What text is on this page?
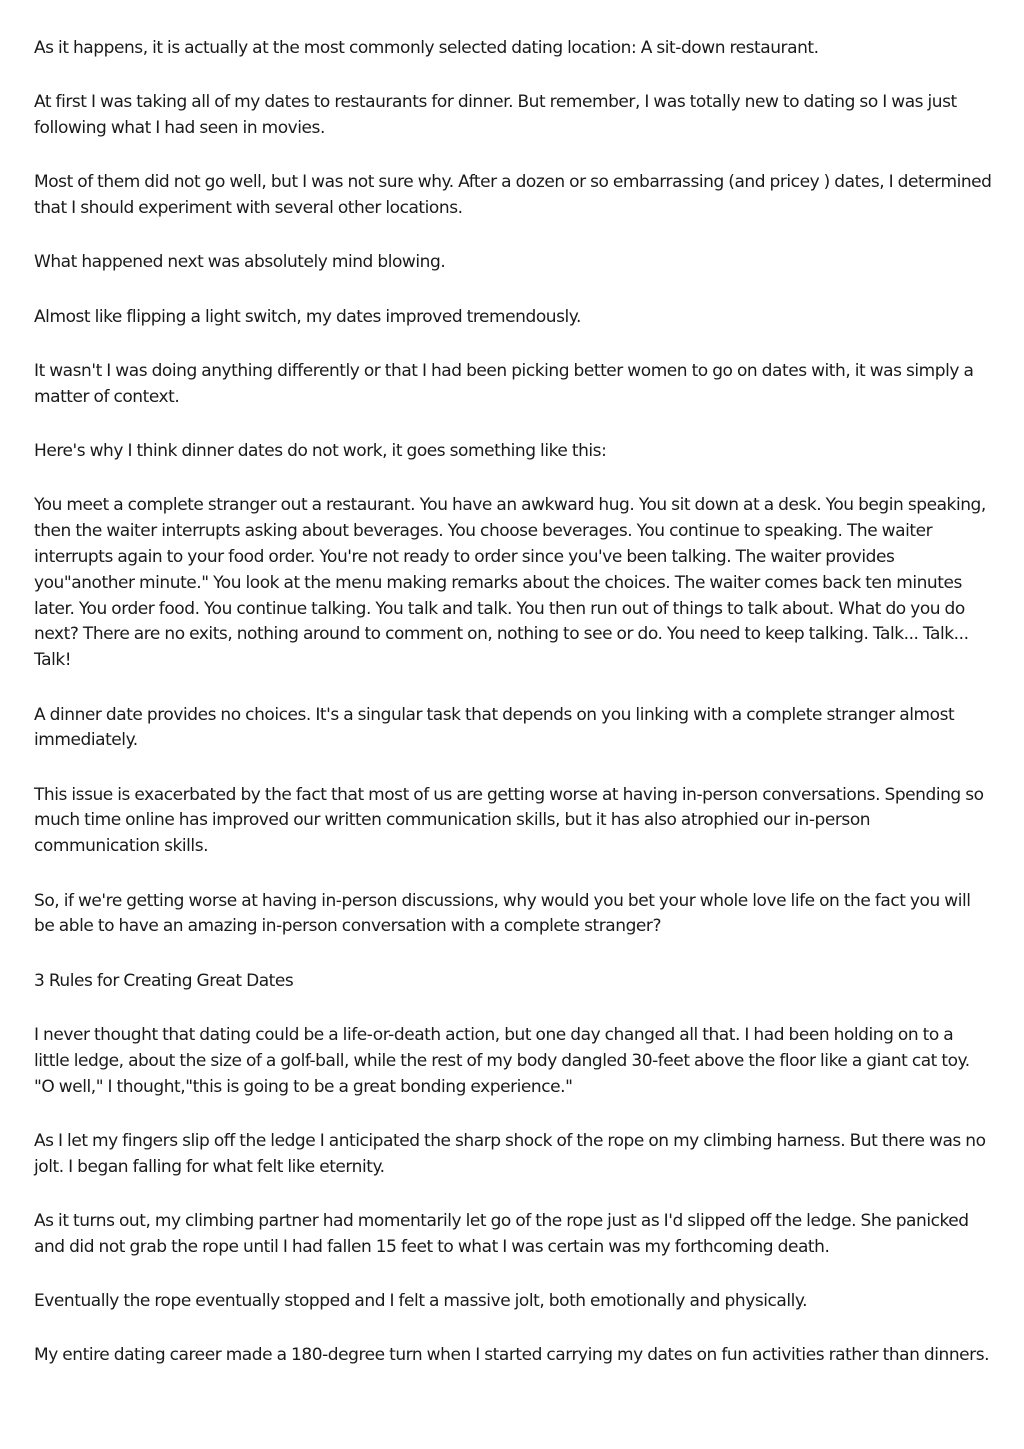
As it happens, it is actually at the most commonly selected dating location: A sit-down restaurant.

At first I was taking all of my dates to restaurants for dinner. But remember, I was totally new to dating so I was just following what I had seen in movies.

Most of them did not go well, but I was not sure why. After a dozen or so embarrassing (and pricey ) dates, I determined that I should experiment with several other locations.

What happened next was absolutely mind blowing.

Almost like flipping a light switch, my dates improved tremendously.

It wasn't I was doing anything differently or that I had been picking better women to go on dates with, it was simply a matter of context.

Here's why I think dinner dates do not work, it goes something like this:

You meet a complete stranger out a restaurant. You have an awkward hug. You sit down at a desk. You begin speaking, then the waiter interrupts asking about beverages. You choose beverages. You continue to speaking. The waiter interrupts again to your food order. You're not ready to order since you've been talking. The waiter provides you"another minute." You look at the menu making remarks about the choices. The waiter comes back ten minutes later. You order food. You continue talking. You talk and talk. You then run out of things to talk about. What do you do next? There are no exits, nothing around to comment on, nothing to see or do. You need to keep talking. Talk... Talk... Talk!

A dinner date provides no choices. It's a singular task that depends on you linking with a complete stranger almost immediately.

This issue is exacerbated by the fact that most of us are getting worse at having in-person conversations. Spending so much time online has improved our written communication skills, but it has also atrophied our in-person communication skills.

So, if we're getting worse at having in-person discussions, why would you bet your whole love life on the fact you will be able to have an amazing in-person conversation with a complete stranger?

3 Rules for Creating Great Dates

I never thought that dating could be a life-or-death action, but one day changed all that. I had been holding on to a little ledge, about the size of a golf-ball, while the rest of my body dangled 30-feet above the floor like a giant cat toy. "O well," I thought,"this is going to be a great bonding experience."

As I let my fingers slip off the ledge I anticipated the sharp shock of the rope on my climbing harness. But there was no jolt. I began falling for what felt like eternity.

As it turns out, my climbing partner had momentarily let go of the rope just as I'd slipped off the ledge. She panicked and did not grab the rope until I had fallen 15 feet to what I was certain was my forthcoming death.

Eventually the rope eventually stopped and I felt a massive jolt, both emotionally and physically.

My entire dating career made a 180-degree turn when I started carrying my dates on fun activities rather than dinners.
